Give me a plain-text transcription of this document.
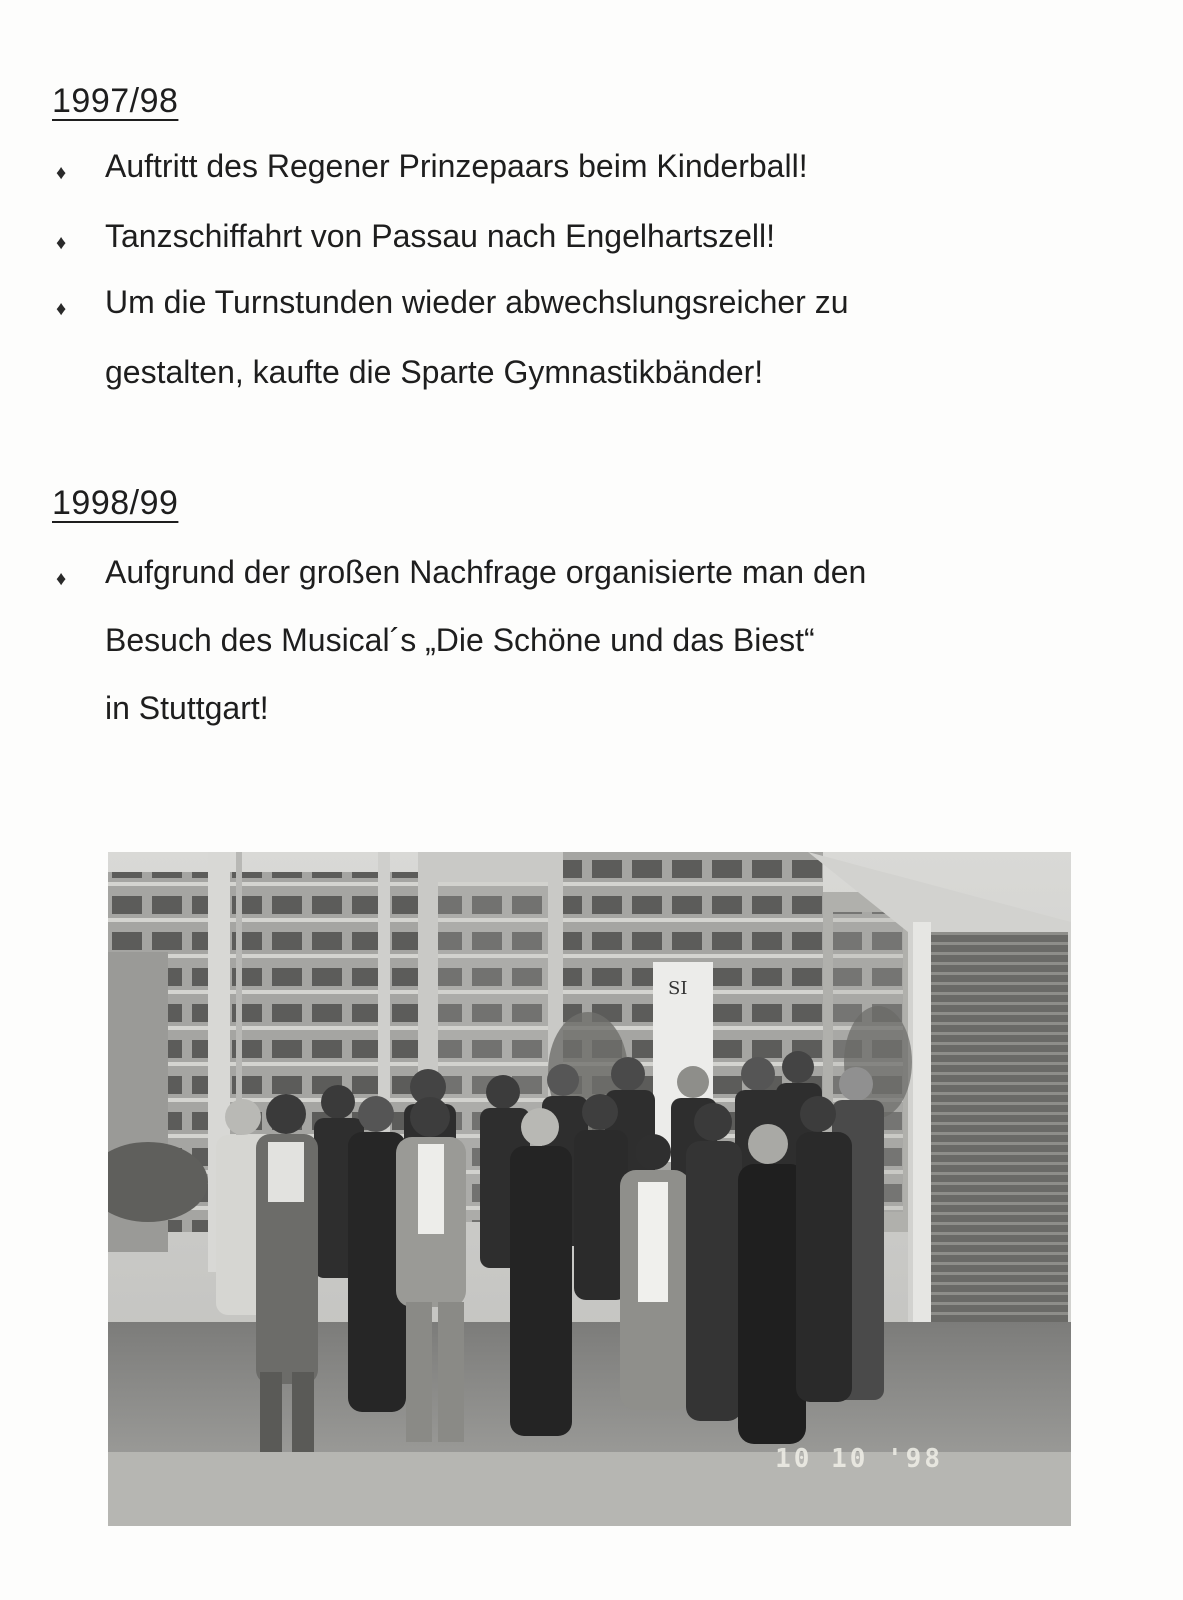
1997/98
♦ Auftritt des Regener Prinzepaars beim Kinderball!
♦ Tanzschiffahrt von Passau nach Engelhartszell!
♦ Um die Turnstunden wieder abwechslungsreicher zu
gestalten, kaufte die Sparte Gymnastikbänder!
1998/99
♦ Aufgrund der großen Nachfrage organisierte man den
Besuch des Musical´s „Die Schöne und das Biest“
in Stuttgart!
SI
10 10 '98
